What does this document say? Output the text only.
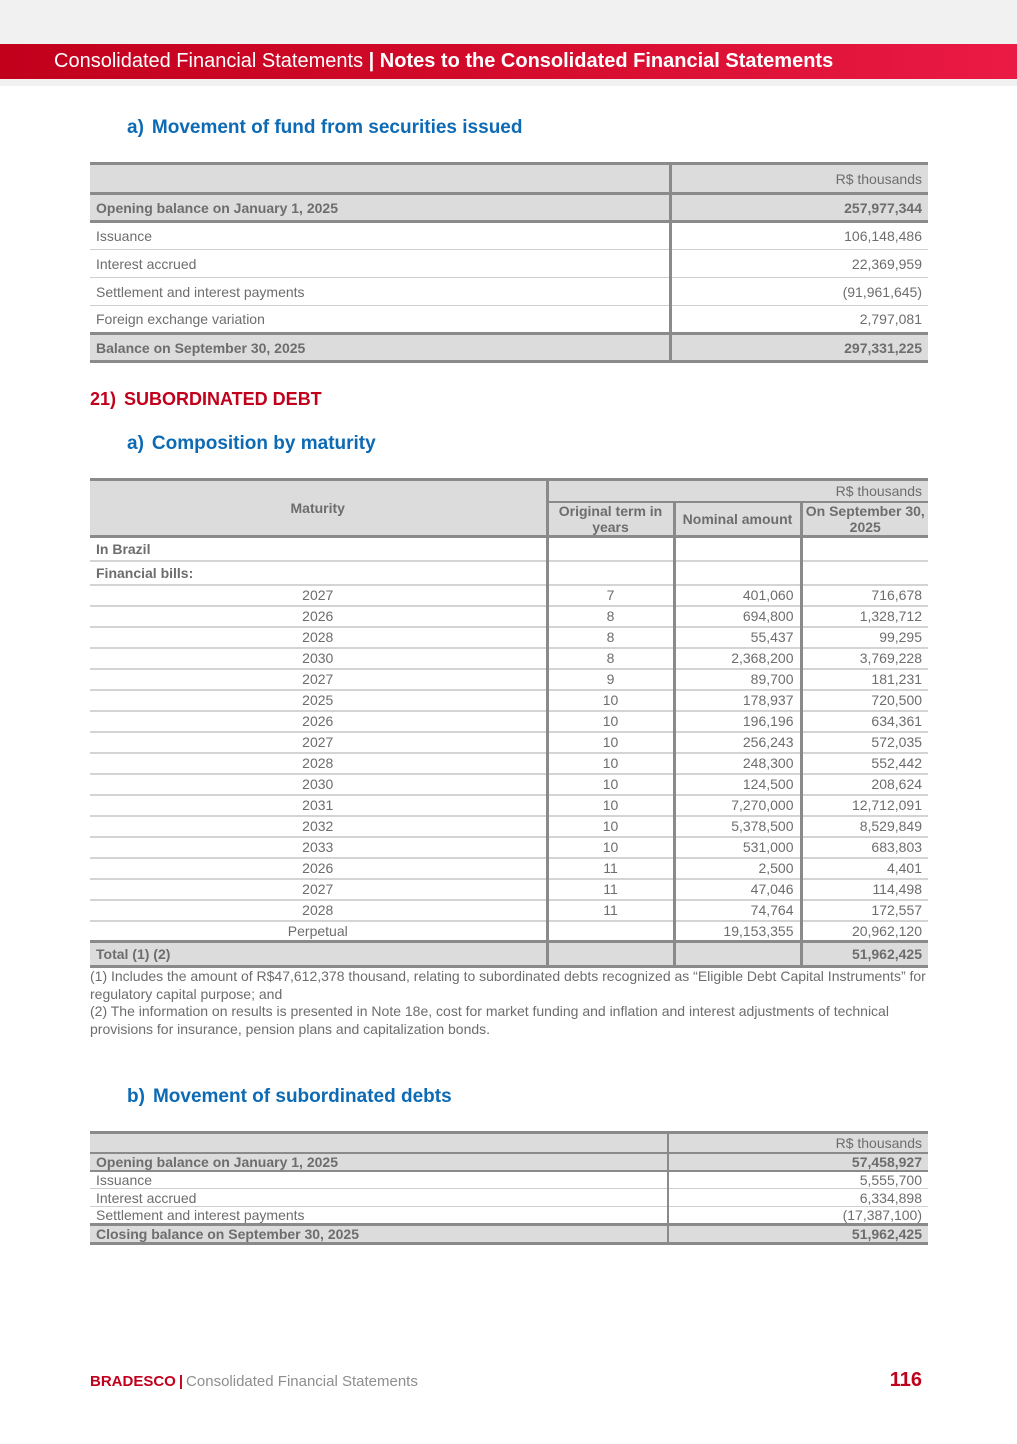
Consolidated Financial Statements | Notes to the Consolidated Financial Statements
a) Movement of fund from securities issued
	R$ thousands
Opening balance on January 1, 2025	257,977,344
Issuance	106,148,486
Interest accrued	22,369,959
Settlement and interest payments	(91,961,645)
Foreign exchange variation	2,797,081
Balance on September 30, 2025	297,331,225
21) SUBORDINATED DEBT
a) Composition by maturity
Maturity	R$ thousands		
	Original term in years	Nominal amount	On September 30, 2025
In Brazil			
Financial bills:			
2027	7	401,060	716,678
2026	8	694,800	1,328,712
2028	8	55,437	99,295
2030	8	2,368,200	3,769,228
2027	9	89,700	181,231
2025	10	178,937	720,500
2026	10	196,196	634,361
2027	10	256,243	572,035
2028	10	248,300	552,442
2030	10	124,500	208,624
2031	10	7,270,000	12,712,091
2032	10	5,378,500	8,529,849
2033	10	531,000	683,803
2026	11	2,500	4,401
2027	11	47,046	114,498
2028	11	74,764	172,557
Perpetual		19,153,355	20,962,120
Total (1) (2)			51,962,425
(1) Includes the amount of R$47,612,378 thousand, relating to subordinated debts recognized as “Eligible Debt Capital Instruments” for regulatory capital purpose; and
(2) The information on results is presented in Note 18e, cost for market funding and inflation and interest adjustments of technical provisions for insurance, pension plans and capitalization bonds.
b) Movement of subordinated debts
	R$ thousands
Opening balance on January 1, 2025	57,458,927
Issuance	5,555,700
Interest accrued	6,334,898
Settlement and interest payments	(17,387,100)
Closing balance on September 30, 2025	51,962,425
BRADESCO | Consolidated Financial Statements	116
